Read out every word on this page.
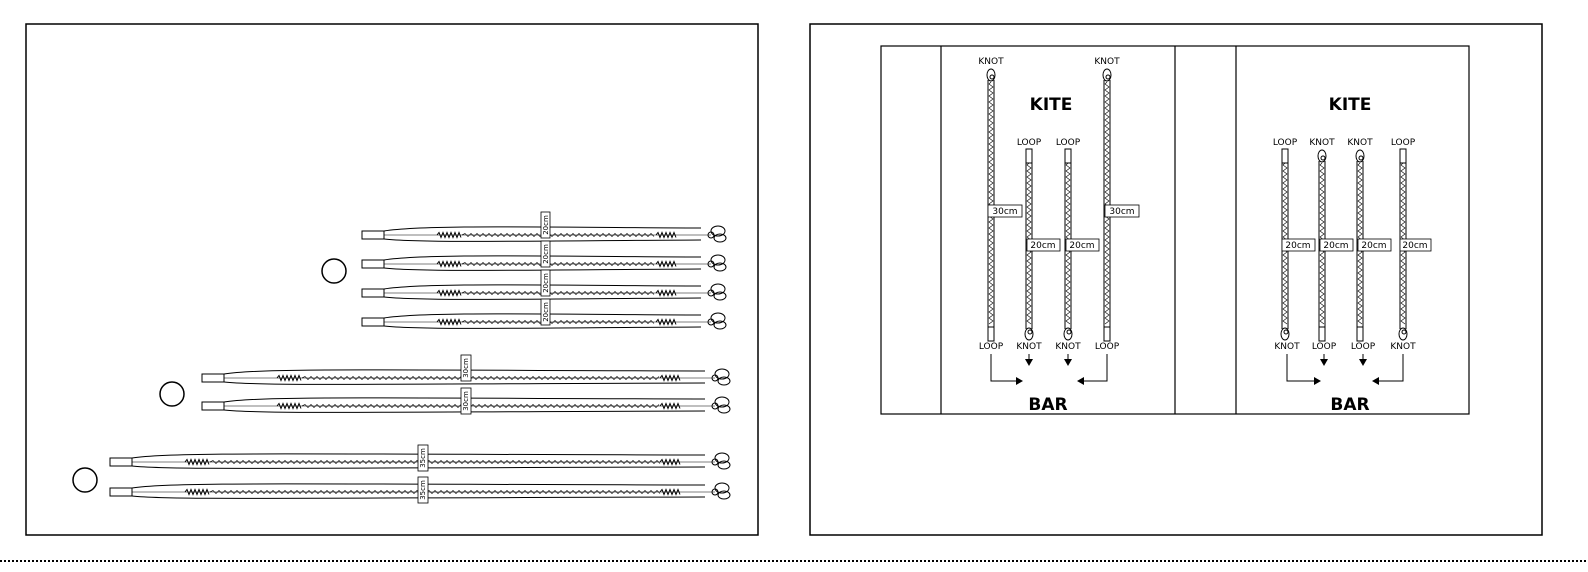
KITE
BAR
KNOT
LOOP LOOP
KNOT
LOOP KNOT KNOT LOOP
30cm
20cm 20cm
30cm
KITE
BAR
LOOP KNOT KNOT LOOP
KNOT LOOP LOOP KNOT
20cm 20cm 20cm 20cm
20cm
20cm
20cm
20cm
30cm
30cm
35cm
35cm
